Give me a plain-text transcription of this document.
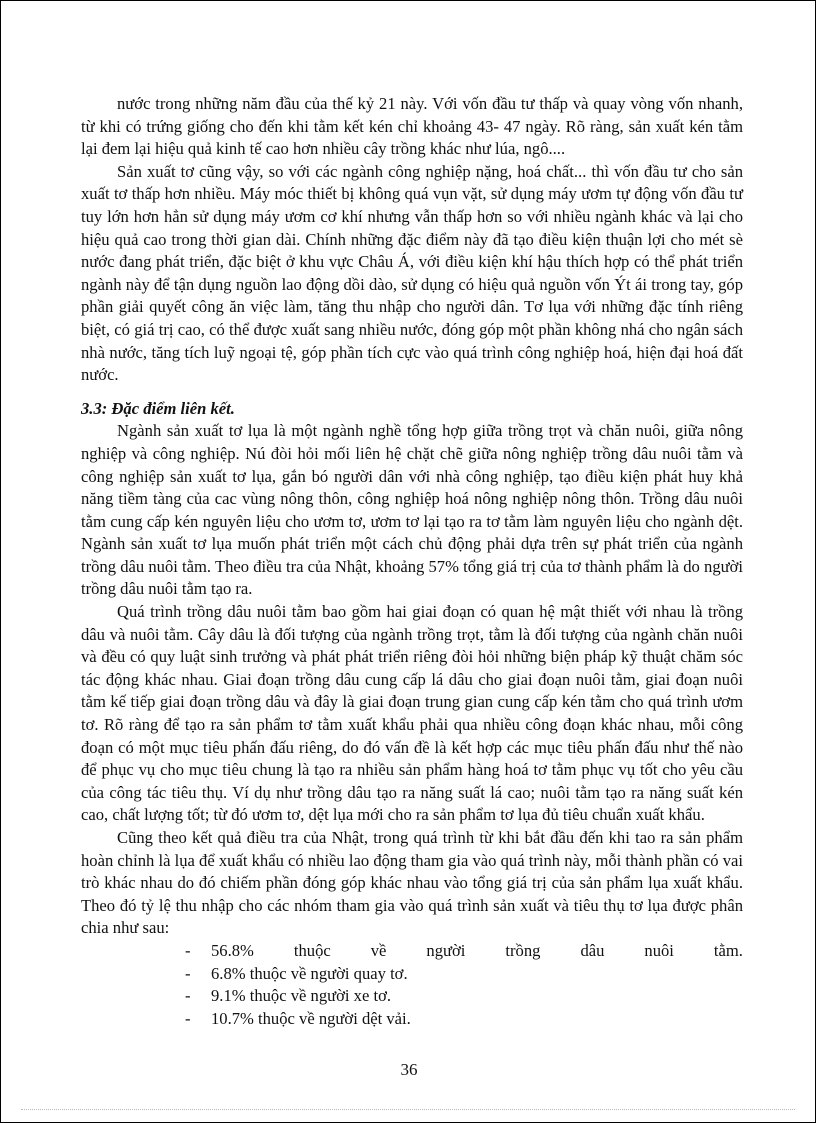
nước trong những năm đầu của thế kỷ 21 này. Với vốn đầu tư thấp và quay vòng vốn nhanh, từ khi có trứng giống cho đến khi tằm kết kén chỉ khoảng 43- 47 ngày. Rõ ràng, sản xuất kén tằm lại đem lại hiệu quả kinh tế cao hơn nhiều cây trồng khác như lúa, ngô....

Sản xuất tơ cũng vậy, so với các ngành công nghiệp nặng, hoá chất... thì vốn đầu tư cho sản xuất tơ thấp hơn nhiều. Máy móc thiết bị không quá vụn vặt, sử dụng máy ươm tự động vốn đầu tư tuy lớn hơn hẳn sử dụng máy ươm cơ khí nhưng vẫn thấp hơn so với nhiều ngành khác và lại cho hiệu quả cao trong thời gian dài. Chính những đặc điểm này đã tạo điều kiện thuận lợi cho mét sè nước đang phát triển, đặc biệt ở khu vực Châu Á, với điều kiện khí hậu thích hợp có thể phát triển ngành này để tận dụng nguồn lao động dồi dào, sử dụng có hiệu quả nguồn vốn Ýt ái trong tay, góp phần giải quyết công ăn việc làm, tăng thu nhập cho người dân. Tơ lụa với những đặc tính riêng biệt, có giá trị cao, có thể được xuất sang nhiều nước, đóng góp một phần không nhá cho ngân sách nhà nước, tăng tích luỹ ngoại tệ, góp phần tích cực vào quá trình công nghiệp hoá, hiện đại hoá đất nước.

3.3: Đặc điểm liên kết.

Ngành sản xuất tơ lụa là một ngành nghề tổng hợp giữa trồng trọt và chăn nuôi, giữa nông nghiệp và công nghiệp. Nú đòi hỏi mối liên hệ chặt chẽ giữa nông nghiệp trồng dâu nuôi tằm và công nghiệp sản xuất tơ lụa, gắn bó người dân với nhà công nghiệp, tạo điều kiện phát huy khả năng tiềm tàng của cac vùng nông thôn, công nghiệp hoá nông nghiệp nông thôn. Trồng dâu nuôi tằm cung cấp kén nguyên liệu cho ươm tơ, ươm tơ lại tạo ra tơ tằm làm nguyên liệu cho ngành dệt. Ngành sản xuất tơ lụa muốn phát triển một cách chủ động phải dựa trên sự phát triển của ngành trồng dâu nuôi tằm. Theo điều tra của Nhật, khoảng 57% tổng giá trị của tơ thành phẩm là do người trồng dâu nuôi tằm tạo ra.

Quá trình trồng dâu nuôi tằm bao gồm hai giai đoạn có quan hệ mật thiết với nhau là trồng dâu và nuôi tằm. Cây dâu là đối tượng của ngành trồng trọt, tằm là đối tượng của ngành chăn nuôi và đều có quy luật sinh trưởng và phát phát triển riêng đòi hỏi những biện pháp kỹ thuật chăm sóc tác động khác nhau. Giai đoạn trồng dâu cung cấp lá dâu cho giai đoạn nuôi tằm, giai đoạn nuôi tằm kế tiếp giai đoạn trồng dâu và đây là giai đoạn trung gian cung cấp kén tằm cho quá trình ươm tơ. Rõ ràng để tạo ra sản phẩm tơ tằm xuất khẩu phải qua nhiều công đoạn khác nhau, mỗi công đoạn có một mục tiêu phấn đấu riêng, do đó vấn đề là kết hợp các mục tiêu phấn đấu như thế nào để phục vụ cho mục tiêu chung là tạo ra nhiều sản phẩm hàng hoá tơ tằm phục vụ tốt cho yêu cầu của công tác tiêu thụ. Ví dụ như trồng dâu tạo ra năng suất lá cao; nuôi tằm tạo ra năng suất kén cao, chất lượng tốt; từ đó ươm tơ, dệt lụa mới cho ra sản phẩm tơ lụa đủ tiêu chuẩn xuất khẩu.

Cũng theo kết quả điều tra của Nhật, trong quá trình từ khi bắt đầu đến khi tao ra sản phẩm hoàn chỉnh là lụa để xuất khẩu có nhiều lao động tham gia vào quá trình này, mỗi thành phần có vai trò khác nhau do đó chiếm phần đóng góp khác nhau vào tổng giá trị của sản phẩm lụa xuất khẩu. Theo đó tỷ lệ thu nhập cho các nhóm tham gia vào quá trình sản xuất và tiêu thụ tơ lụa được phân chia như sau:

- 56.8% thuộc về người trồng dâu nuôi tằm.
- 6.8% thuộc về người quay tơ.
- 9.1% thuộc về người xe tơ.
- 10.7% thuộc về người dệt vải.
36
